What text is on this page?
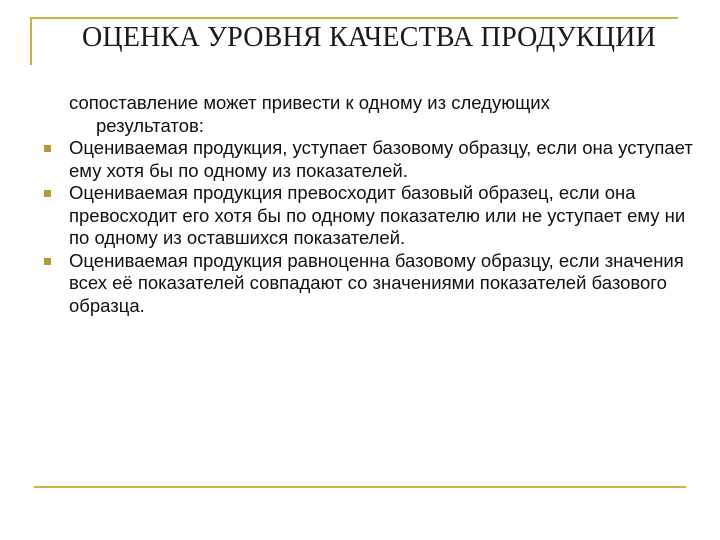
ОЦЕНКА УРОВНЯ КАЧЕСТВА ПРОДУКЦИИ

сопоставление может привести к одному из следующих
результатов:

Оцениваемая продукция, уступает базовому образцу, если она уступает ему хотя бы по одному из показателей.
Оцениваемая продукция превосходит базовый образец, если она превосходит его хотя бы по одному показателю или не уступает ему ни по одному из оставшихся показателей.
Оцениваемая продукция равноценна базовому образцу, если значения всех её показателей совпадают со значениями показателей базового образца.
